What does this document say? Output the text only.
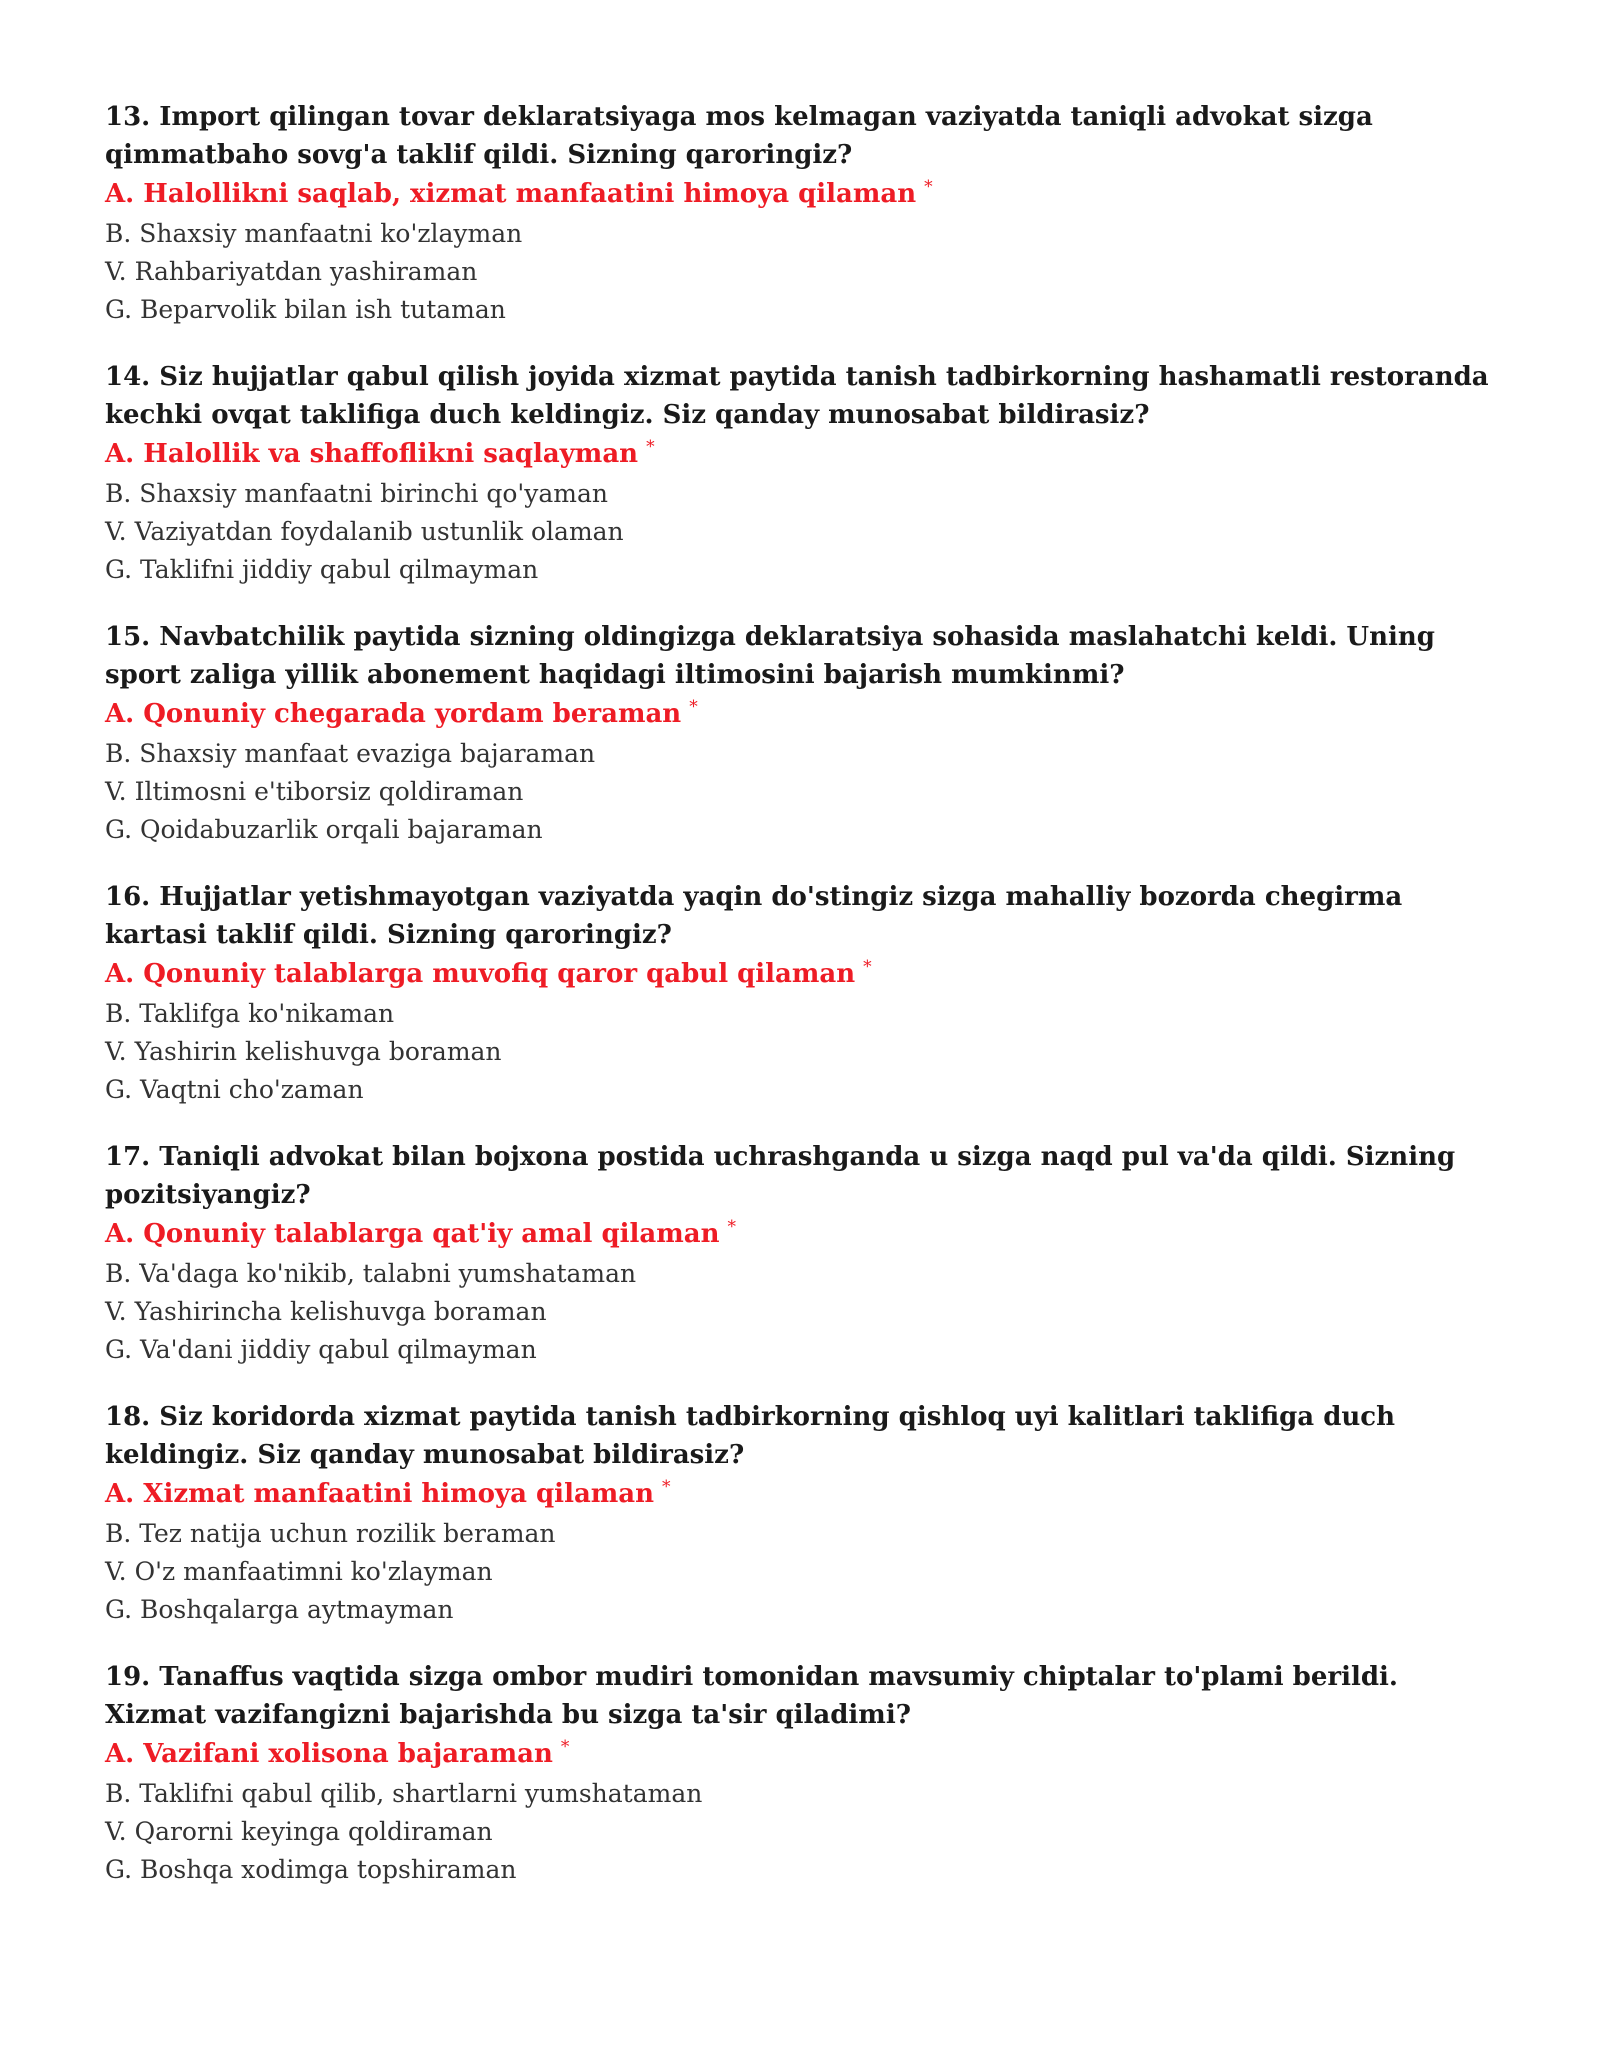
13. Import qilingan tovar deklaratsiyaga mos kelmagan vaziyatda taniqli advokat sizga qimmatbaho sovg'a taklif qildi. Sizning qaroringiz?

A. Halollikni saqlab, xizmat manfaatini himoya qilaman *

B. Shaxsiy manfaatni ko'zlayman

V. Rahbariyatdan yashiraman

G. Beparvolik bilan ish tutaman

14. Siz hujjatlar qabul qilish joyida xizmat paytida tanish tadbirkorning hashamatli restoranda kechki ovqat taklifiga duch keldingiz. Siz qanday munosabat bildirasiz?

A. Halollik va shaffoflikni saqlayman *

B. Shaxsiy manfaatni birinchi qo'yaman

V. Vaziyatdan foydalanib ustunlik olaman

G. Taklifni jiddiy qabul qilmayman

15. Navbatchilik paytida sizning oldingizga deklaratsiya sohasida maslahatchi keldi. Uning sport zaliga yillik abonement haqidagi iltimosini bajarish mumkinmi?

A. Qonuniy chegarada yordam beraman *

B. Shaxsiy manfaat evaziga bajaraman

V. Iltimosni e'tiborsiz qoldiraman

G. Qoidabuzarlik orqali bajaraman

16. Hujjatlar yetishmayotgan vaziyatda yaqin do'stingiz sizga mahalliy bozorda chegirma kartasi taklif qildi. Sizning qaroringiz?

A. Qonuniy talablarga muvofiq qaror qabul qilaman *

B. Taklifga ko'nikaman

V. Yashirin kelishuvga boraman

G. Vaqtni cho'zaman

17. Taniqli advokat bilan bojxona postida uchrashganda u sizga naqd pul va'da qildi. Sizning pozitsiyangiz?

A. Qonuniy talablarga qat'iy amal qilaman *

B. Va'daga ko'nikib, talabni yumshataman

V. Yashirincha kelishuvga boraman

G. Va'dani jiddiy qabul qilmayman

18. Siz koridorda xizmat paytida tanish tadbirkorning qishloq uyi kalitlari taklifiga duch keldingiz. Siz qanday munosabat bildirasiz?

A. Xizmat manfaatini himoya qilaman *

B. Tez natija uchun rozilik beraman

V. O'z manfaatimni ko'zlayman

G. Boshqalarga aytmayman

19. Tanaffus vaqtida sizga ombor mudiri tomonidan mavsumiy chiptalar to'plami berildi. Xizmat vazifangizni bajarishda bu sizga ta'sir qiladimi?

A. Vazifani xolisona bajaraman *

B. Taklifni qabul qilib, shartlarni yumshataman

V. Qarorni keyinga qoldiraman

G. Boshqa xodimga topshiraman
